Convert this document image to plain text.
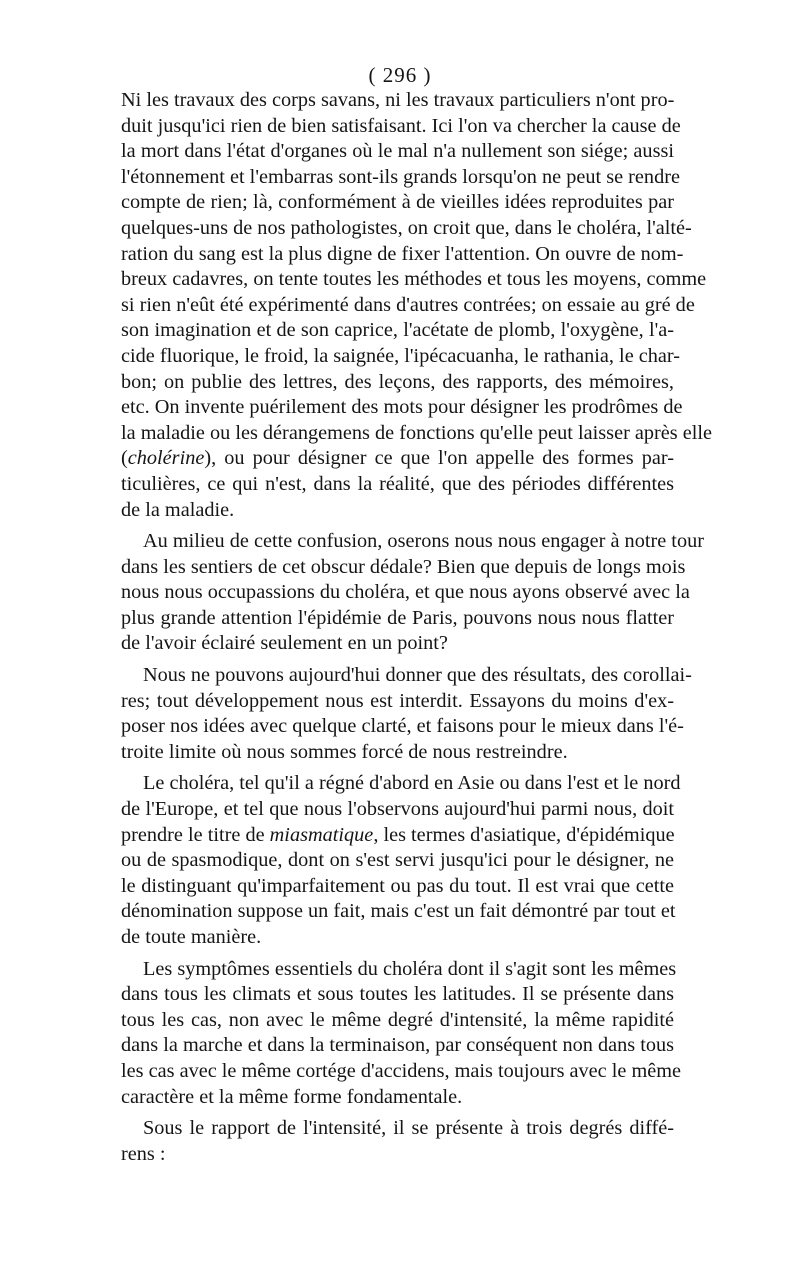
( 296 )
Ni les travaux des corps savans, ni les travaux particuliers n'ont pro-
duit jusqu'ici rien de bien satisfaisant. Ici l'on va chercher la cause de
la mort dans l'état d'organes où le mal n'a nullement son siége; aussi
l'étonnement et l'embarras sont-ils grands lorsqu'on ne peut se rendre
compte de rien; là, conformément à de vieilles idées reproduites par
quelques-uns de nos pathologistes, on croit que, dans le choléra, l'alté-
ration du sang est la plus digne de fixer l'attention. On ouvre de nom-
breux cadavres, on tente toutes les méthodes et tous les moyens, comme
si rien n'eût été expérimenté dans d'autres contrées; on essaie au gré de
son imagination et de son caprice, l'acétate de plomb, l'oxygène, l'a-
cide fluorique, le froid, la saignée, l'ipécacuanha, le rathania, le char-
bon; on publie des lettres, des leçons, des rapports, des mémoires,
etc. On invente puérilement des mots pour désigner les prodrômes de
la maladie ou les dérangemens de fonctions qu'elle peut laisser après elle
(cholérine), ou pour désigner ce que l'on appelle des formes par-
ticulières, ce qui n'est, dans la réalité, que des périodes différentes
de la maladie.
Au milieu de cette confusion, oserons nous nous engager à notre tour
dans les sentiers de cet obscur dédale? Bien que depuis de longs mois
nous nous occupassions du choléra, et que nous ayons observé avec la
plus grande attention l'épidémie de Paris, pouvons nous nous flatter
de l'avoir éclairé seulement en un point?
Nous ne pouvons aujourd'hui donner que des résultats, des corollai-
res; tout développement nous est interdit. Essayons du moins d'ex-
poser nos idées avec quelque clarté, et faisons pour le mieux dans l'é-
troite limite où nous sommes forcé de nous restreindre.
Le choléra, tel qu'il a régné d'abord en Asie ou dans l'est et le nord
de l'Europe, et tel que nous l'observons aujourd'hui parmi nous, doit
prendre le titre de miasmatique, les termes d'asiatique, d'épidémique
ou de spasmodique, dont on s'est servi jusqu'ici pour le désigner, ne
le distinguant qu'imparfaitement ou pas du tout. Il est vrai que cette
dénomination suppose un fait, mais c'est un fait démontré par tout et
de toute manière.
Les symptômes essentiels du choléra dont il s'agit sont les mêmes
dans tous les climats et sous toutes les latitudes. Il se présente dans
tous les cas, non avec le même degré d'intensité, la même rapidité
dans la marche et dans la terminaison, par conséquent non dans tous
les cas avec le même cortége d'accidens, mais toujours avec le même
caractère et la même forme fondamentale.
Sous le rapport de l'intensité, il se présente à trois degrés diffé-
rens :
